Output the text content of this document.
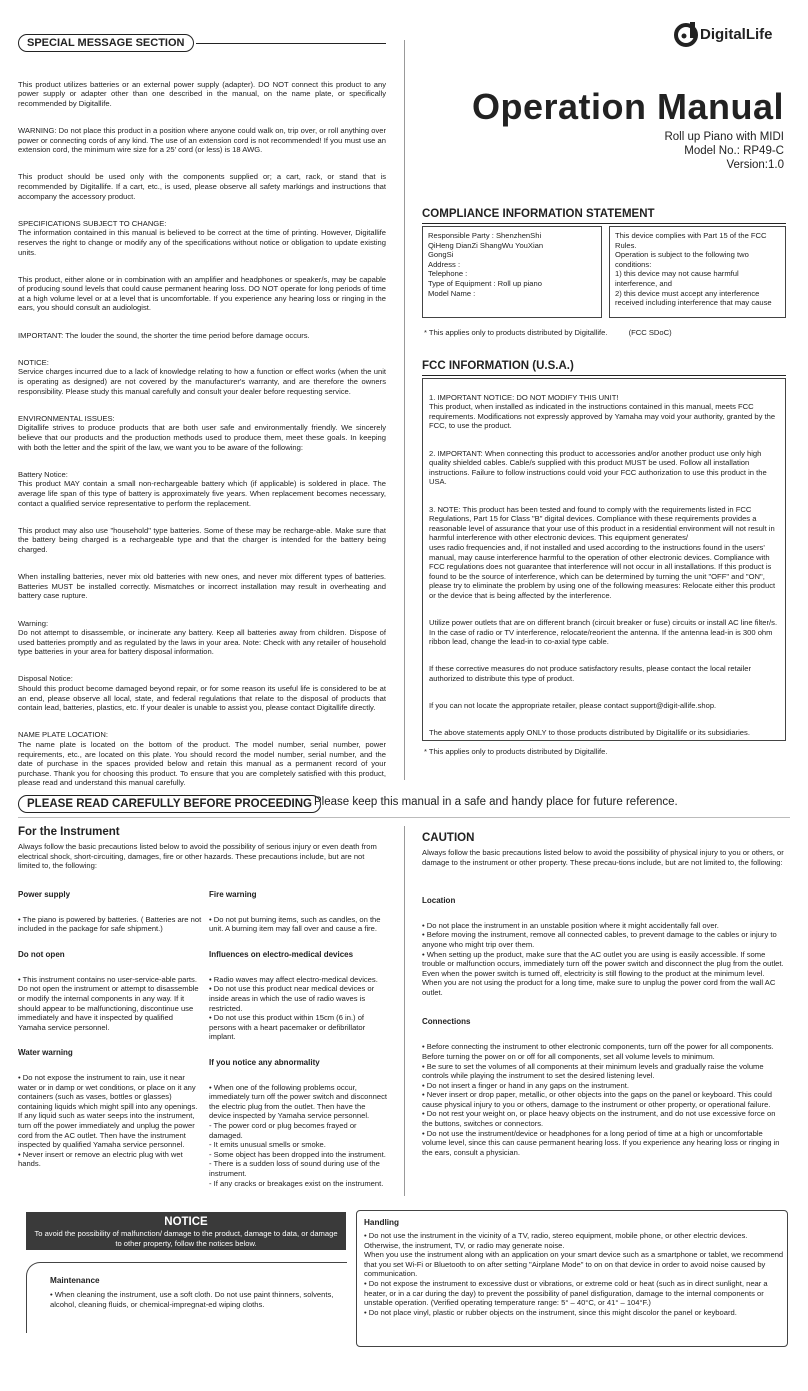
SPECIAL MESSAGE SECTION

This product utilizes batteries or an external power supply (adapter). DO NOT connect this product to any power supply or adapter other than one described in the manual, on the name plate, or specifically recommended by Digitallife.

WARNING: Do not place this product in a position where anyone could walk on, trip over, or roll anything over power or connecting cords of any kind. The use of an extension cord is not recommended! If you must use an extension cord, the minimum wire size for a 25' cord (or less) is 18 AWG.

This product should be used only with the components supplied or; a cart, rack, or stand that is recommended by Digitallife. If a cart, etc., is used, please observe all safety markings and instructions that accompany the accessory product.

SPECIFICATIONS SUBJECT TO CHANGE:
The information contained in this manual is believed to be correct at the time of printing. However, Digitallife reserves the right to change or modify any of the specifications without notice or obligation to update existing units.

This product, either alone or in combination with an amplifier and headphones or speaker/s, may be capable of producing sound levels that could cause permanent hearing loss. DO NOT operate for long periods of time at a high volume level or at a level that is uncomfortable. If you experience any hearing loss or ringing in the ears, you should consult an audiologist.

IMPORTANT: The louder the sound, the shorter the time period before damage occurs.

NOTICE:
Service charges incurred due to a lack of knowledge relating to how a function or effect works (when the unit is operating as designed) are not covered by the manufacturer's warranty, and are therefore the owners responsibility. Please study this manual carefully and consult your dealer before requesting service.

ENVIRONMENTAL ISSUES:
Digitallife strives to produce products that are both user safe and environmentally friendly. We sincerely believe that our products and the production methods used to produce them, meet these goals. In keeping with both the letter and the spirit of the law, we want you to be aware of the following:

Battery Notice:
This product MAY contain a small non-rechargeable battery which (if applicable) is soldered in place. The average life span of this type of battery is approximately five years. When replacement becomes necessary, contact a qualified service representative to perform the replacement.

This product may also use "household" type batteries. Some of these may be recharge-able. Make sure that the battery being charged is a rechargeable type and that the charger is intended for the battery being charged.

When installing batteries, never mix old batteries with new ones, and never mix different types of batteries. Batteries MUST be installed correctly. Mismatches or incorrect installation may result in overheating and battery case rupture.

Warning:
Do not attempt to disassemble, or incinerate any battery. Keep all batteries away from children. Dispose of used batteries promptly and as regulated by the laws in your area. Note: Check with any retailer of household type batteries in your area for battery disposal information.

Disposal Notice:
Should this product become damaged beyond repair, or for some reason its useful life is considered to be at an end, please observe all local, state, and federal regulations that relate to the disposal of products that contain lead, batteries, plastics, etc. If your dealer is unable to assist you, please contact Digitallife directly.

NAME PLATE LOCATION:
The name plate is located on the bottom of the product. The model number, serial number, power requirements, etc., are located on this plate. You should record the model number, serial number, and the date of purchase in the spaces provided below and retain this manual as a permanent record of your purchase. Thank you for choosing this product. To ensure that you are completely satisfied with this product, please read and understand this manual carefully.

DigitalLife
Operation Manual
Roll up Piano with MIDI
Model No.: RP49-C
Version:1.0
COMPLIANCE INFORMATION STATEMENT
Responsible Party : ShenzhenShi
QiHeng DianZi ShangWu YouXian
GongSi
Address :
Telephone :
Type of Equipment : Roll up piano
Model Name :
This device complies with Part 15 of the FCC Rules.
Operation is subject to the following two conditions:
1) this device may not cause harmful interference, and
2) this device must accept any interference received including interference that may cause
* This applies only to products distributed by Digitallife.          (FCC SDoC)
FCC INFORMATION (U.S.A.)

1. IMPORTANT NOTICE: DO NOT MODIFY THIS UNIT!
This product, when installed as indicated in the instructions contained in this manual, meets FCC requirements. Modifications not expressly approved by Yamaha may void your authority, granted by the FCC, to use the product.

2. IMPORTANT: When connecting this product to accessories and/or another product use only high quality shielded cables. Cable/s supplied with this product MUST be used. Follow all installation instructions. Failure to follow instructions could void your FCC authorization to use this product in the USA.

3. NOTE: This product has been tested and found to comply with the requirements listed in FCC Regulations, Part 15 for Class "B" digital devices. Compliance with these requirements provides a reasonable level of assurance that your use of this product in a residential environment will not result in harmful interference with other electronic devices. This equipment generates/
uses radio frequencies and, if not installed and used according to the instructions found in the users' manual, may cause interference harmful to the operation of other electronic devices. Compliance with FCC regulations does not guarantee that interference will not occur in all installations. If this product is found to be the source of interference, which can be determined by turning the unit "OFF" and "ON", please try to eliminate the problem by using one of the following measures: Relocate either this product or the device that is being affected by the interference.

Utilize power outlets that are on different branch (circuit breaker or fuse) circuits or install AC line filter/s.
In the case of radio or TV interference, relocate/reorient the antenna. If the antenna lead-in is 300 ohm ribbon lead, change the lead-in to co-axial type cable.

If these corrective measures do not produce satisfactory results, please contact the local retailer authorized to distribute this type of product.

If you can not locate the appropriate retailer, please contact support@digit-allife.shop.

The above statements apply ONLY to those products distributed by Digitallife or its subsidiaries.

* This applies only to products distributed by Digitallife.
PLEASE READ CAREFULLY BEFORE PROCEEDING Please keep this manual in a safe and handy place for future reference.
For the Instrument
Always follow the basic precautions listed below to avoid the possibility of serious injury or even death from electrical shock, short-circuiting, damages, fire or other hazards. These precautions include, but are not limited to, the following:

Power supply

• The piano is powered by batteries. ( Batteries are not included in the package for safe shipment.)

Do not open

• This instrument contains no user-service-able parts. Do not open the instrument or attempt to disassemble or modify the internal components in any way. If it should appear to be malfunctioning, discontinue use immediately and have it inspected by qualified Yamaha service personnel.

Water warning

• Do not expose the instrument to rain, use it near water or in damp or wet conditions, or place on it any containers (such as vases, bottles or glasses) containing liquids which might spill into any openings. If any liquid such as water seeps into the instrument, turn off the power immediately and unplug the power cord from the AC outlet. Then have the instrument inspected by qualified Yamaha service personnel.
• Never insert or remove an electric plug with wet hands.

Fire warning

• Do not put burning items, such as candles, on the unit. A burning item may fall over and cause a fire.

Influences on electro-medical devices

• Radio waves may affect electro-medical devices.
• Do not use this product near medical devices or inside areas in which the use of radio waves is restricted.
• Do not use this product within 15cm (6 in.) of persons with a heart pacemaker or defibrillator implant.

If you notice any abnormality

• When one of the following problems occur, immediately turn off the power switch and disconnect the electric plug from the outlet. Then have the device inspected by Yamaha service personnel.
- The power cord or plug becomes frayed or damaged.
- It emits unusual smells or smoke.
- Some object has been dropped into the instrument.
- There is a sudden loss of sound during use of the instrument.
- If any cracks or breakages exist on the instrument.

CAUTION
Always follow the basic precautions listed below to avoid the possibility of physical injury to you or others, or damage to the instrument or other property. These precau-tions include, but are not limited to, the following:

Location

• Do not place the instrument in an unstable position where it might accidentally fall over.
• Before moving the instrument, remove all connected cables, to prevent damage to the cables or injury to anyone who might trip over them.
• When setting up the product, make sure that the AC outlet you are using is easily accessible. If some trouble or malfunction occurs, immediately turn off the power switch and disconnect the plug from the outlet. Even when the power switch is turned off, electricity is still flowing to the product at the minimum level. When you are not using the product for a long time, make sure to unplug the power cord from the wall AC outlet.

Connections

• Before connecting the instrument to other electronic components, turn off the power for all components. Before turning the power on or off for all components, set all volume levels to minimum.
• Be sure to set the volumes of all components at their minimum levels and gradually raise the volume controls while playing the instrument to set the desired listening level.
• Do not insert a finger or hand in any gaps on the instrument.
• Never insert or drop paper, metallic, or other objects into the gaps on the panel or keyboard. This could cause physical injury to you or others, damage to the instrument or other property, or operational failure.
• Do not rest your weight on, or place heavy objects on the instrument, and do not use excessive force on the buttons, switches or connectors.
• Do not use the instrument/device or headphones for a long period of time at a high or uncomfortable volume level, since this can cause permanent hearing loss. If you experience any hearing loss or ringing in the ears, consult a physician.

NOTICE
To avoid the possibility of malfunction/ damage to the product, damage to data, or damage to other property, follow the notices below.
Maintenance
• When cleaning the instrument, use a soft cloth. Do not use paint thinners, solvents, alcohol, cleaning fluids, or chemical-impregnat-ed wiping cloths.
Handling
• Do not use the instrument in the vicinity of a TV, radio, stereo equipment, mobile phone, or other electric devices. Otherwise, the instrument, TV, or radio may generate noise.
When you use the instrument along with an application on your smart device such as a smartphone or tablet, we recommend that you set Wi-Fi or Bluetooth to on after setting "Airplane Mode" to on on that device in order to avoid noise caused by communication.
• Do not expose the instrument to excessive dust or vibrations, or extreme cold or heat (such as in direct sunlight, near a heater, or in a car during the day) to prevent the possibility of panel disfiguration, damage to the internal components or unstable operation. (Verified operating temperature range: 5° – 40°C, or 41° – 104°F.)
• Do not place vinyl, plastic or rubber objects on the instrument, since this might discolor the panel or keyboard.
